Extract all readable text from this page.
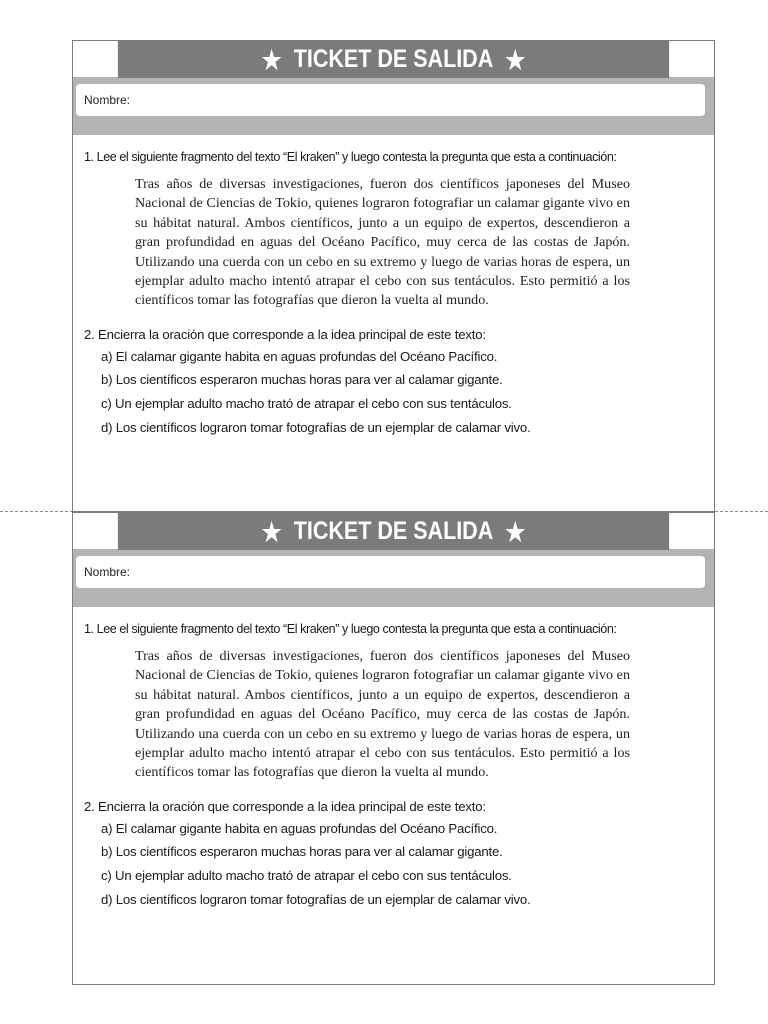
★ TICKET DE SALIDA ★
Nombre:
1. Lee el siguiente fragmento del texto “El kraken” y luego contesta la pregunta que esta a continuación:
Tras años de diversas investigaciones, fueron dos científicos japoneses del Museo Nacional de Ciencias de Tokio, quienes lograron fotografiar un calamar gigante vivo en su hábitat natural. Ambos científicos, junto a un equipo de expertos, descendieron a gran profundidad en aguas del Océano Pacífico, muy cerca de las costas de Japón. Utilizando una cuerda con un cebo en su extremo y luego de varias horas de espera, un ejemplar adulto macho intentó atrapar el cebo con sus tentáculos. Esto permitió a los científicos tomar las fotografías que dieron la vuelta al mundo.
2. Encierra la oración que corresponde a la idea principal de este texto:
a) El calamar gigante habita en aguas profundas del Océano Pacífico.
b) Los científicos esperaron muchas horas para ver al calamar gigante.
c) Un ejemplar adulto macho trató de atrapar el cebo con sus tentáculos.
d) Los científicos lograron tomar fotografías de un ejemplar de calamar vivo.
★ TICKET DE SALIDA ★
Nombre:
1. Lee el siguiente fragmento del texto “El kraken” y luego contesta la pregunta que esta a continuación:
Tras años de diversas investigaciones, fueron dos científicos japoneses del Museo Nacional de Ciencias de Tokio, quienes lograron fotografiar un calamar gigante vivo en su hábitat natural. Ambos científicos, junto a un equipo de expertos, descendieron a gran profundidad en aguas del Océano Pacífico, muy cerca de las costas de Japón. Utilizando una cuerda con un cebo en su extremo y luego de varias horas de espera, un ejemplar adulto macho intentó atrapar el cebo con sus tentáculos. Esto permitió a los científicos tomar las fotografías que dieron la vuelta al mundo.
2. Encierra la oración que corresponde a la idea principal de este texto:
a) El calamar gigante habita en aguas profundas del Océano Pacífico.
b) Los científicos esperaron muchas horas para ver al calamar gigante.
c) Un ejemplar adulto macho trató de atrapar el cebo con sus tentáculos.
d) Los científicos lograron tomar fotografías de un ejemplar de calamar vivo.
